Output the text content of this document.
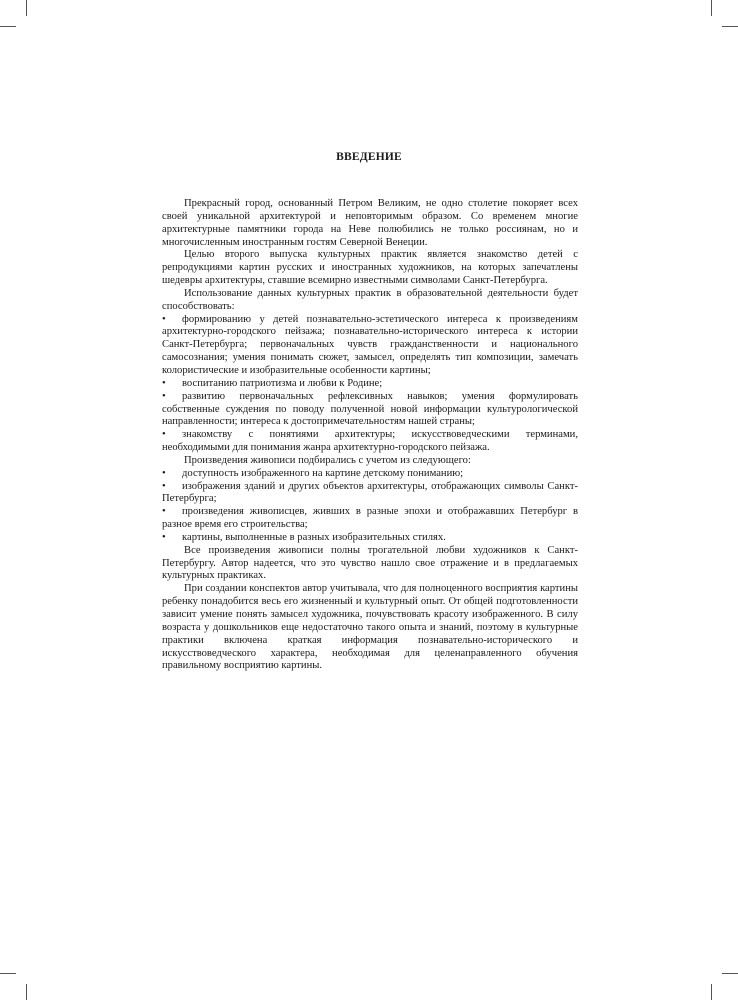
ВВЕДЕНИЕ

Прекрасный город, основанный Петром Великим, не одно столетие покоряет всех своей уникальной архитектурой и неповторимым образом. Со временем многие архитектурные памятники города на Неве полюбились не только россиянам, но и многочисленным иностранным гостям Северной Венеции.

Целью второго выпуска культурных практик является знакомство детей с репродукциями картин русских и иностранных художников, на которых запечатлены шедевры архитектуры, ставшие всемирно известными символами Санкт-Петербурга.

Использование данных культурных практик в образовательной деятельности будет способствовать:

• формированию у детей познавательно-эстетического интереса к произведениям архитектурно-городского пейзажа; познавательно-исторического интереса к истории Санкт-Петербурга; первоначальных чувств гражданственности и национального самосознания; умения понимать сюжет, замысел, определять тип композиции, замечать колористические и изобразительные особенности картины;

• воспитанию патриотизма и любви к Родине;

• развитию первоначальных рефлексивных навыков; умения формулировать собственные суждения по поводу полученной новой информации культурологической направленности; интереса к достопримечательностям нашей страны;

• знакомству с понятиями архитектуры; искусствоведческими терминами, необходимыми для понимания жанра архитектурно-городского пейзажа.

Произведения живописи подбирались с учетом из следующего:

• доступность изображенного на картине детскому пониманию;

• изображения зданий и других объектов архитектуры, отображающих символы Санкт-Петербурга;

• произведения живописцев, живших в разные эпохи и отображавших Петербург в разное время его строительства;

• картины, выполненные в разных изобразительных стилях.

Все произведения живописи полны трогательной любви художников к Санкт-Петербургу. Автор надеется, что это чувство нашло свое отражение и в предлагаемых культурных практиках.

При создании конспектов автор учитывала, что для полноценного восприятия картины ребенку понадобится весь его жизненный и культурный опыт. От общей подготовленности зависит умение понять замысел художника, почувствовать красоту изображенного. В силу возраста у дошкольников еще недостаточно такого опыта и знаний, поэтому в культурные практики включена краткая информация познавательно-исторического и искусствоведческого характера, необходимая для целенаправленного обучения правильному восприятию картины.
